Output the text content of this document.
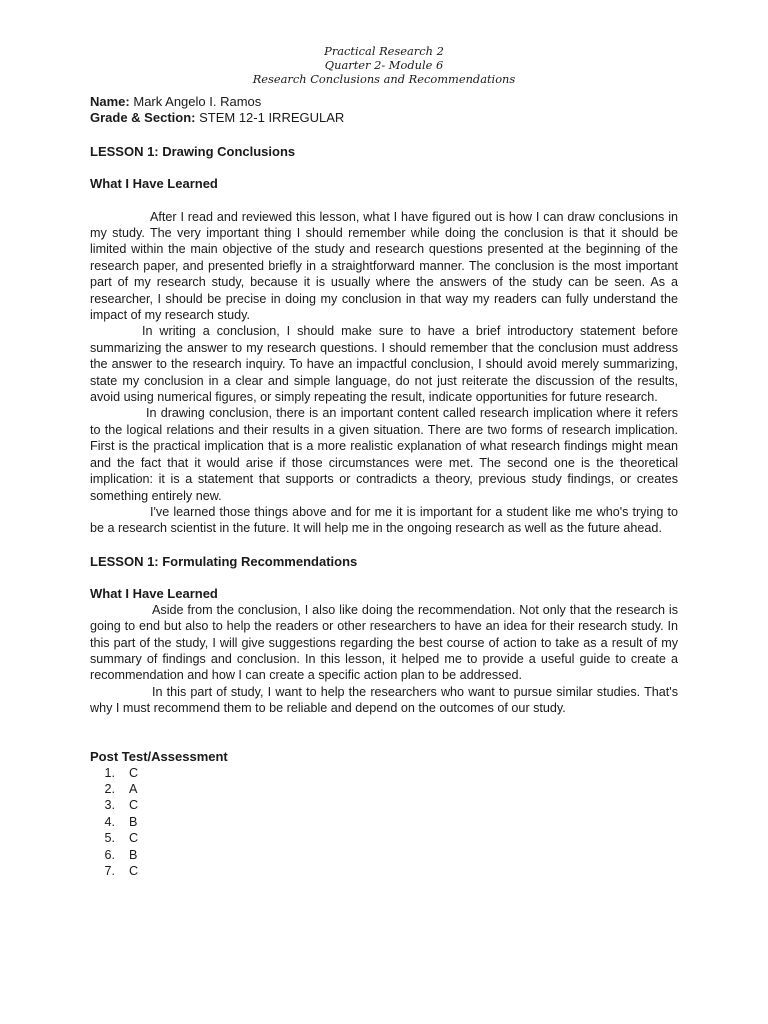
Practical Research 2
Quarter 2- Module 6
Research Conclusions and Recommendations
Name: Mark Angelo I. Ramos
Grade & Section: STEM 12-1 IRREGULAR
LESSON 1: Drawing Conclusions
What I Have Learned

After I read and reviewed this lesson, what I have figured out is how I can draw conclusions in my study. The very important thing I should remember while doing the conclusion is that it should be limited within the main objective of the study and research questions presented at the beginning of the research paper, and presented briefly in a straightforward manner. The conclusion is the most important part of my research study, because it is usually where the answers of the study can be seen. As a researcher, I should be precise in doing my conclusion in that way my readers can fully understand the impact of my research study.

In writing a conclusion, I should make sure to have a brief introductory statement before summarizing the answer to my research questions. I should remember that the conclusion must address the answer to the research inquiry. To have an impactful conclusion, I should avoid merely summarizing, state my conclusion in a clear and simple language, do not just reiterate the discussion of the results, avoid using numerical figures, or simply repeating the result, indicate opportunities for future research.

In drawing conclusion, there is an important content called research implication where it refers to the logical relations and their results in a given situation. There are two forms of research implication. First is the practical implication that is a more realistic explanation of what research findings might mean and the fact that it would arise if those circumstances were met. The second one is the theoretical implication: it is a statement that supports or contradicts a theory, previous study findings, or creates something entirely new.

I've learned those things above and for me it is important for a student like me who's trying to be a research scientist in the future. It will help me in the ongoing research as well as the future ahead.

LESSON 1: Formulating Recommendations
What I Have Learned

Aside from the conclusion, I also like doing the recommendation. Not only that the research is going to end but also to help the readers or other researchers to have an idea for their research study. In this part of the study, I will give suggestions regarding the best course of action to take as a result of my summary of findings and conclusion. In this lesson, it helped me to provide a useful guide to create a recommendation and how I can create a specific action plan to be addressed.

In this part of study, I want to help the researchers who want to pursue similar studies. That's why I must recommend them to be reliable and depend on the outcomes of our study.

Post Test/Assessment
1. C
2. A
3. C
4. B
5. C
6. B
7. C
